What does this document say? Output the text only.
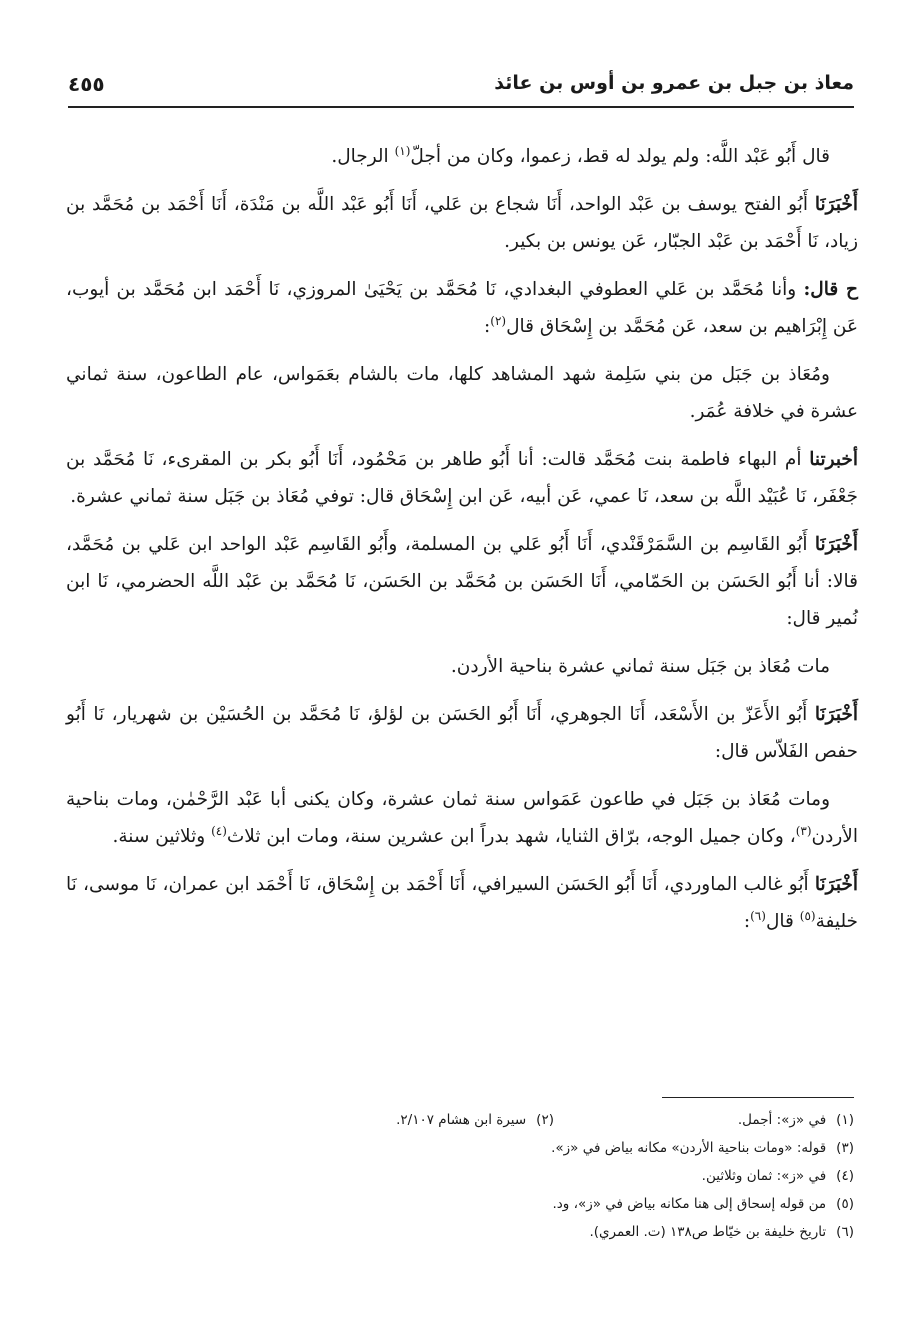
معاذ بن جبل بن عمرو بن أوس بن عائذ
٤٥٥

قال أَبُو عَبْد اللَّه: ولم يولد له قط، زعموا، وكان من أجلّ$^{(١)}$ الرجال.

أَخْبَرَنَا أَبُو الفتح يوسف بن عَبْد الواحد، أَنَا شجاع بن عَلي، أَنَا أَبُو عَبْد اللَّه بن مَنْدَة، أَنَا أَحْمَد بن مُحَمَّد بن زياد، نَا أَحْمَد بن عَبْد الجبّار، عَن يونس بن بكير.

ح قال: وأنا مُحَمَّد بن عَلي العطوفي البغدادي، نَا مُحَمَّد بن يَحْيَىٰ المروزي، نَا أَحْمَد ابن مُحَمَّد بن أيوب، عَن إِبْرَاهيم بن سعد، عَن مُحَمَّد بن إِسْحَاق قال$^{(٢)}$:

ومُعَاذ بن جَبَل من بني سَلِمة شهد المشاهد كلها، مات بالشام بعَمَواس، عام الطاعون، سنة ثماني عشرة في خلافة عُمَر.

أخبرتنا أم البهاء فاطمة بنت مُحَمَّد قالت: أنا أَبُو طاهر بن مَحْمُود، أَنَا أَبُو بكر بن المقرىء، نَا مُحَمَّد بن جَعْفَر، نَا عُبَيْد اللَّه بن سعد، نَا عمي، عَن أبيه، عَن ابن إِسْحَاق قال: توفي مُعَاذ بن جَبَل سنة ثماني عشرة.

أَخْبَرَنَا أَبُو القَاسِم بن السَّمَرْقَنْدي، أَنَا أَبُو عَلي بن المسلمة، وأَبُو القَاسِم عَبْد الواحد ابن عَلي بن مُحَمَّد، قالا: أنا أَبُو الحَسَن بن الحَمّامي، أَنَا الحَسَن بن مُحَمَّد بن الحَسَن، نَا مُحَمَّد بن عَبْد اللَّه الحضرمي، نَا ابن نُمير قال:

مات مُعَاذ بن جَبَل سنة ثماني عشرة بناحية الأردن.

أَخْبَرَنَا أَبُو الأَعَزّ بن الأَسْعَد، أَنَا الجوهري، أَنَا أَبُو الحَسَن بن لؤلؤ، نَا مُحَمَّد بن الحُسَيْن بن شهريار، نَا أَبُو حفص الفَلاّس قال:

ومات مُعَاذ بن جَبَل في طاعون عَمَواس سنة ثمان عشرة، وكان يكنى أبا عَبْد الرَّحْمٰن، ومات بناحية الأردن$^{(٣)}$، وكان جميل الوجه، برّاق الثنايا، شهد بدراً ابن عشرين سنة، ومات ابن ثلاث$^{(٤)}$ وثلاثين سنة.

أَخْبَرَنَا أَبُو غالب الماوردي، أَنَا أَبُو الحَسَن السيرافي، أَنَا أَحْمَد بن إِسْحَاق، نَا أَحْمَد ابن عمران، نَا موسى، نَا خليفة$^{(٥)}$ قال$^{(٦)}$:

(١)في «ز»: أجمل.
(٢)سيرة ابن هشام ٢/١٠٧.
(٣)قوله: «ومات بناحية الأردن» مكانه بياض في «ز».
(٤)في «ز»: ثمان وثلاثين.
(٥)من قوله إسحاق إلى هنا مكانه بياض في «ز»، ود.
(٦)تاريخ خليفة بن خيّاط ص١٣٨ (ت. العمري).
